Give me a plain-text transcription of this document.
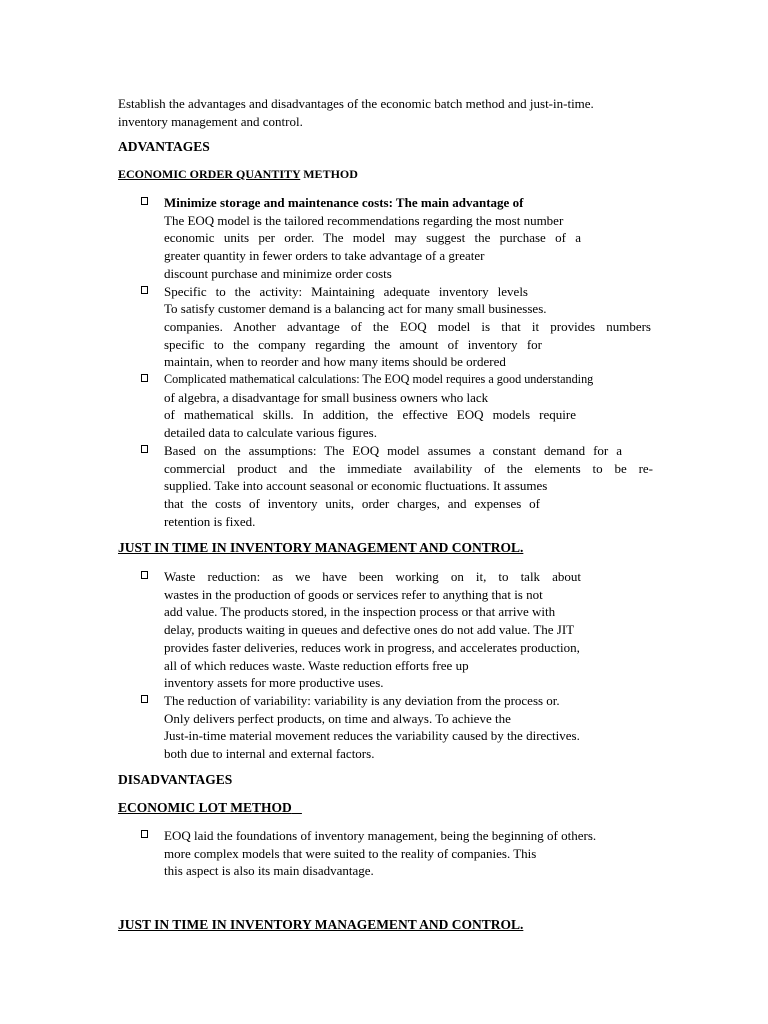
Establish the advantages and disadvantages of the economic batch method and just-in-time.
inventory management and control.
ADVANTAGES
ECONOMIC ORDER QUANTITY METHOD
Minimize storage and maintenance costs: The main advantage of
The EOQ model is the tailored recommendations regarding the most number
economic units per order. The model may suggest the purchase of a
greater quantity in fewer orders to take advantage of a greater
discount purchase and minimize order costs
Specific to the activity: Maintaining adequate inventory levels
To satisfy customer demand is a balancing act for many small businesses.
companies. Another advantage of the EOQ model is that it provides numbers
specific to the company regarding the amount of inventory for
maintain, when to reorder and how many items should be ordered
Complicated mathematical calculations: The EOQ model requires a good understanding
of algebra, a disadvantage for small business owners who lack
of mathematical skills. In addition, the effective EOQ models require
detailed data to calculate various figures.
Based on the assumptions: The EOQ model assumes a constant demand for a
commercial product and the immediate availability of the elements to be re-
supplied. Take into account seasonal or economic fluctuations. It assumes
that the costs of inventory units, order charges, and expenses of
retention is fixed.
JUST IN TIME IN INVENTORY MANAGEMENT AND CONTROL.
Waste reduction: as we have been working on it, to talk about
wastes in the production of goods or services refer to anything that is not
add value. The products stored, in the inspection process or that arrive with
delay, products waiting in queues and defective ones do not add value. The JIT
provides faster deliveries, reduces work in progress, and accelerates production,
all of which reduces waste. Waste reduction efforts free up
inventory assets for more productive uses.
The reduction of variability: variability is any deviation from the process or.
Only delivers perfect products, on time and always. To achieve the
Just-in-time material movement reduces the variability caused by the directives.
both due to internal and external factors.
DISADVANTAGES
ECONOMIC LOT METHOD
EOQ laid the foundations of inventory management, being the beginning of others.
more complex models that were suited to the reality of companies. This
this aspect is also its main disadvantage.
JUST IN TIME IN INVENTORY MANAGEMENT AND CONTROL.
